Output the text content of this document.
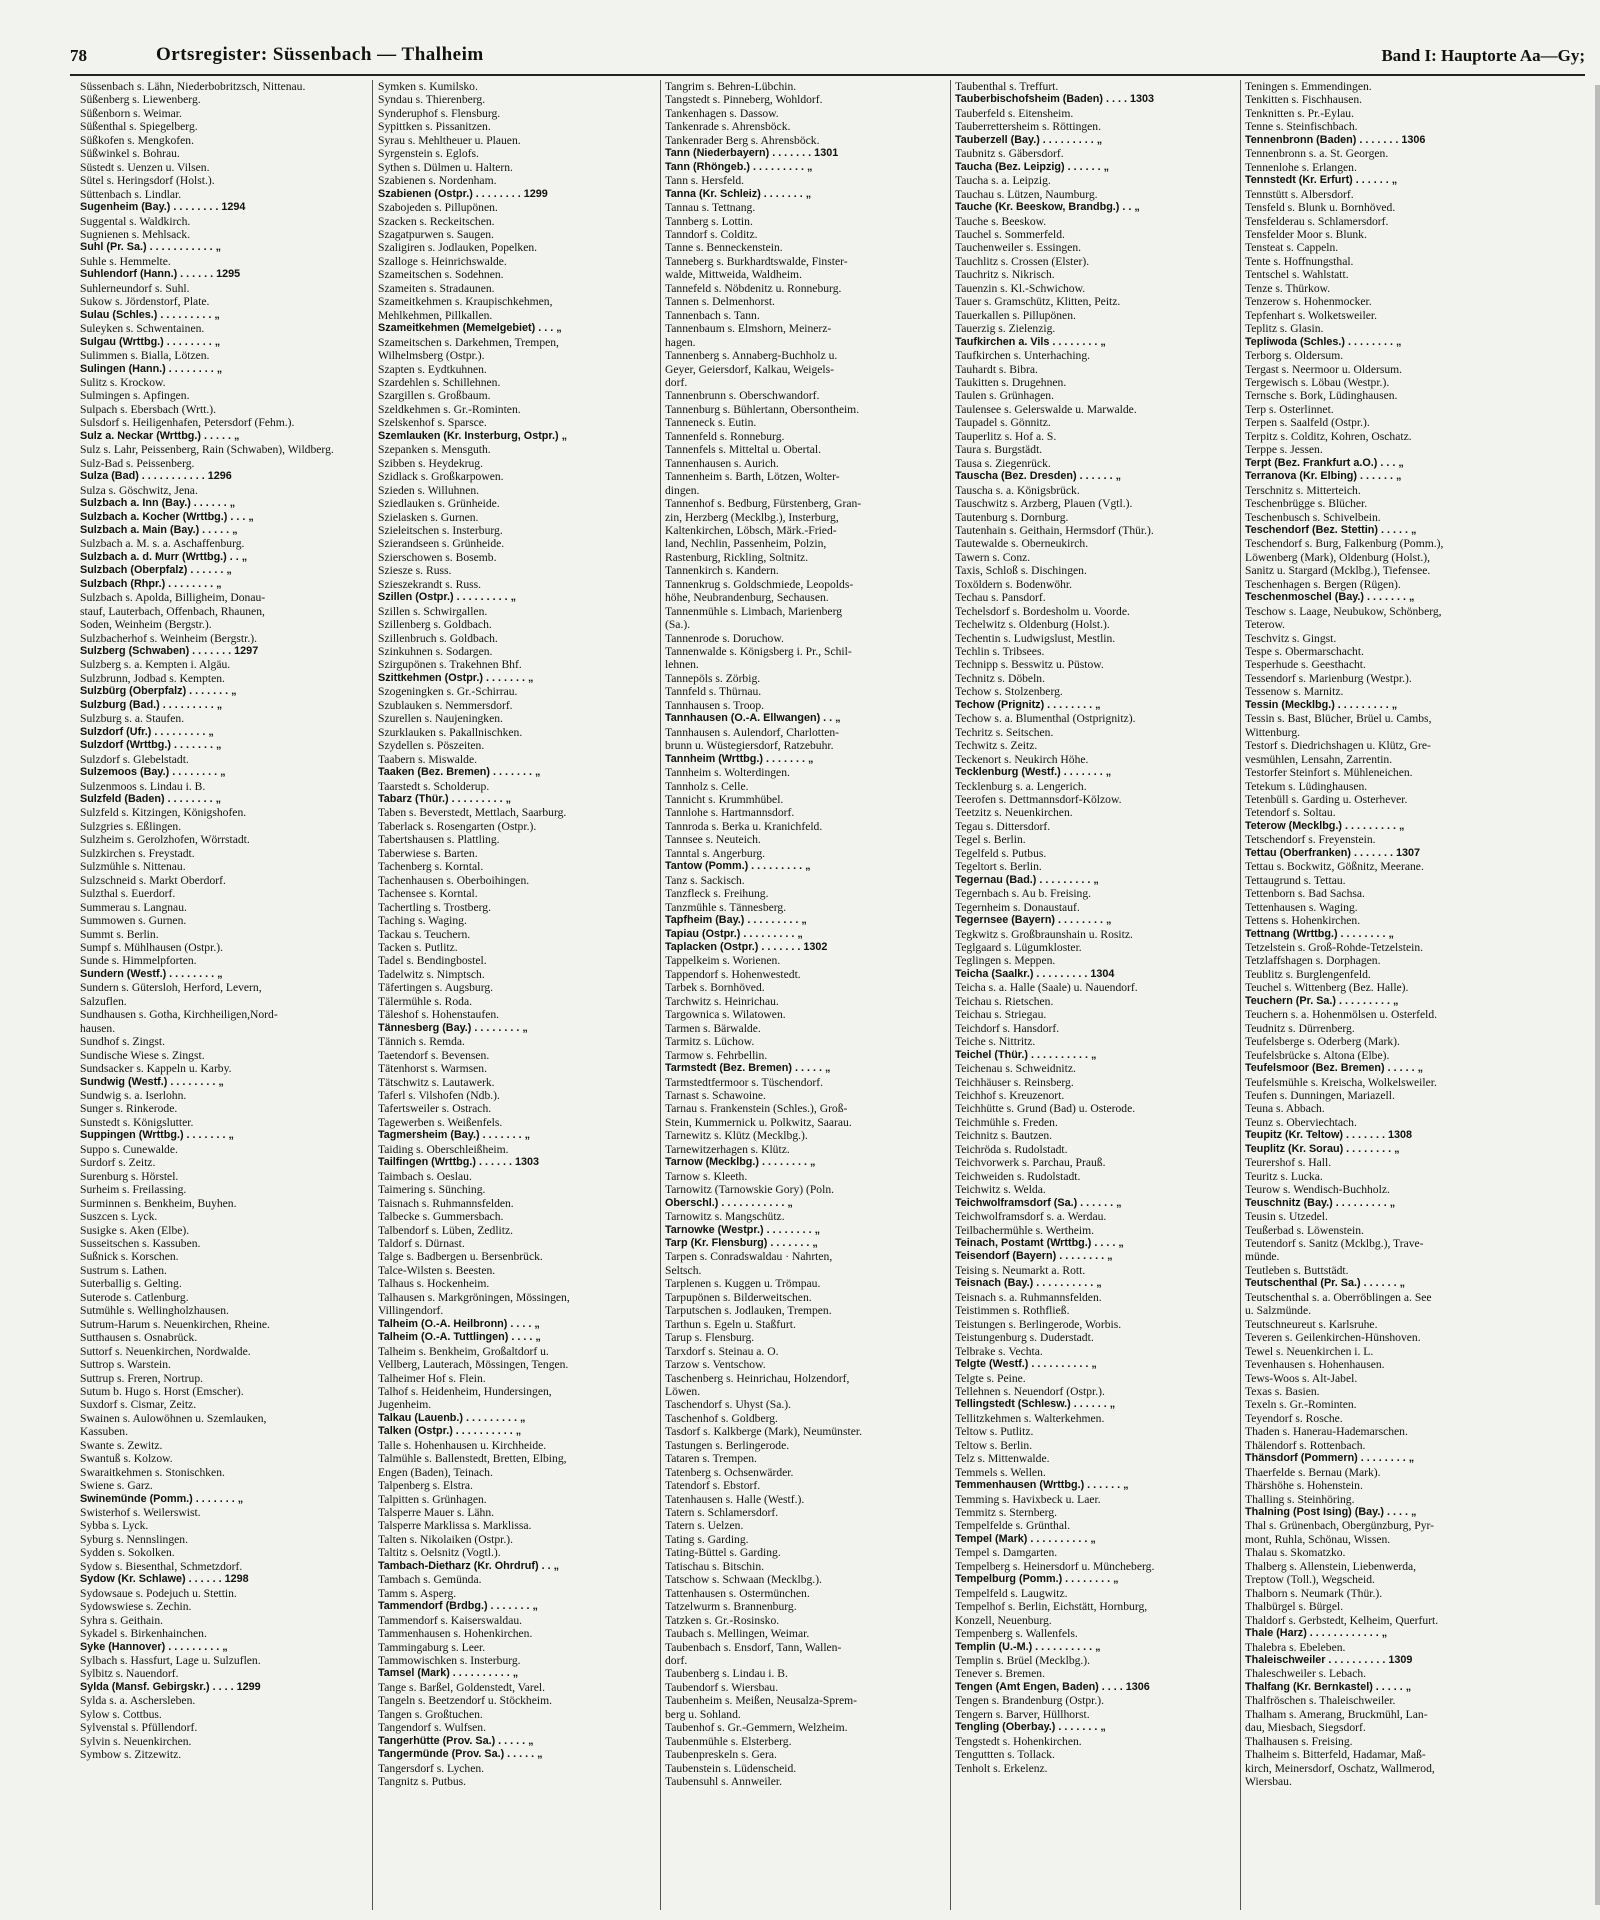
78	Ortsregister: Süssenbach — Thalheim	Band I: Hauptorte Aa—Gy;
Süssenbach s. Lähn, Niederbobritzsch, Nittenau.
Süßenberg s. Liewenberg.
Süßenborn s. Weimar.
Süßenthal s. Spiegelberg.
Süßkofen s. Mengkofen.
Süßwinkel s. Bohrau.
Süstedt s. Uenzen u. Vilsen.
Sütel s. Heringsdorf (Holst.).
Süttenbach s. Lindlar.
Sugenheim (Bay.) . . . . . . . . 1294
Suggental s. Waldkirch.
Sugnienen s. Mehlsack.
Suhl (Pr. Sa.) . . . . . . . . . . . „
Suhle s. Hemmelte.
Suhlendorf (Hann.) . . . . . . 1295
Suhlerneundorf s. Suhl.
Sukow s. Jördenstorf, Plate.
Sulau (Schles.) . . . . . . . . . „
Suleyken s. Schwentainen.
Sulgau (Wrttbg.) . . . . . . . . „
Sulimmen s. Bialla, Lötzen.
Sulingen (Hann.) . . . . . . . . „
Sulitz s. Krockow.
Sulmingen s. Apfingen.
Sulpach s. Ebersbach (Wrtt.).
Sulsdorf s. Heiligenhafen, Petersdorf (Fehm.).
Sulz a. Neckar (Wrttbg.) . . . . . „
Sulz s. Lahr, Peissenberg, Rain (Schwaben), Wildberg.
Sulz-Bad s. Peissenberg.
Sulza (Bad) . . . . . . . . . . . 1296
Sulza s. Göschwitz, Jena.
Sulzbach a. Inn (Bay.) . . . . . . „
Sulzbach a. Kocher (Wrttbg.) . . . „
Sulzbach a. Main (Bay.) . . . . . „
Sulzbach a. M. s. a. Aschaffenburg.
Sulzbach a. d. Murr (Wrttbg.) . . „
Sulzbach (Oberpfalz) . . . . . . „
Sulzbach (Rhpr.) . . . . . . . . „
Sulzbach s. Apolda, Billigheim, Donau-
stauf, Lauterbach, Offenbach, Rhaunen,
Soden, Weinheim (Bergstr.).
Sulzbacherhof s. Weinheim (Bergstr.).
Sulzberg (Schwaben) . . . . . . . 1297
Sulzberg s. a. Kempten i. Algäu.
Sulzbrunn, Jodbad s. Kempten.
Sulzbürg (Oberpfalz) . . . . . . . „
Sulzburg (Bad.) . . . . . . . . . „
Sulzburg s. a. Staufen.
Sulzdorf (Ufr.) . . . . . . . . . „
Sulzdorf (Wrttbg.) . . . . . . . „
Sulzdorf s. Glebelstadt.
Sulzemoos (Bay.) . . . . . . . . „
Sulzenmoos s. Lindau i. B.
Sulzfeld (Baden) . . . . . . . . „
Sulzfeld s. Kitzingen, Königshofen.
Sulzgries s. Eßlingen.
Sulzheim s. Gerolzhofen, Wörrstadt.
Sulzkirchen s. Freystadt.
Sulzmühle s. Nittenau.
Sulzschneid s. Markt Oberdorf.
Sulzthal s. Euerdorf.
Summerau s. Langnau.
Summowen s. Gurnen.
Summt s. Berlin.
Sumpf s. Mühlhausen (Ostpr.).
Sunde s. Himmelpforten.
Sundern (Westf.) . . . . . . . . „
Sundern s. Gütersloh, Herford, Levern,
Salzuflen.
Sundhausen s. Gotha, Kirchheiligen,Nord-
hausen.
Sundhof s. Zingst.
Sundische Wiese s. Zingst.
Sundsacker s. Kappeln u. Karby.
Sundwig (Westf.) . . . . . . . . „
Sundwig s. a. Iserlohn.
Sunger s. Rinkerode.
Sunstedt s. Königslutter.
Suppingen (Wrttbg.) . . . . . . . „
Suppo s. Cunewalde.
Surdorf s. Zeitz.
Surenburg s. Hörstel.
Surheim s. Freilassing.
Surminnen s. Benkheim, Buyhen.
Suszcen s. Lyck.
Susigke s. Aken (Elbe).
Susseitschen s. Kassuben.
Sußnick s. Korschen.
Sustrum s. Lathen.
Suterballig s. Gelting.
Suterode s. Catlenburg.
Sutmühle s. Wellingholzhausen.
Sutrum-Harum s. Neuenkirchen, Rheine.
Sutthausen s. Osnabrück.
Suttorf s. Neuenkirchen, Nordwalde.
Suttrop s. Warstein.
Suttrup s. Freren, Nortrup.
Sutum b. Hugo s. Horst (Emscher).
Suxdorf s. Cismar, Zeitz.
Swainen s. Aulowöhnen u. Szemlauken,
Kassuben.
Swante s. Zewitz.
Swantuß s. Kolzow.
Swaraitkehmen s. Stonischken.
Swiene s. Garz.
Swinemünde (Pomm.) . . . . . . . „
Swisterhof s. Weilerswist.
Sybba s. Lyck.
Syburg s. Nennslingen.
Sydden s. Sokolken.
Sydow s. Biesenthal, Schmetzdorf.
Sydow (Kr. Schlawe) . . . . . . 1298
Sydowsaue s. Podejuch u. Stettin.
Sydowswiese s. Zechin.
Syhra s. Geithain.
Sykadel s. Birkenhainchen.
Syke (Hannover) . . . . . . . . . „
Sylbach s. Hassfurt, Lage u. Sulzuflen.
Sylbitz s. Nauendorf.
Sylda (Mansf. Gebirgskr.) . . . . 1299
Sylda s. a. Aschersleben.
Sylow s. Cottbus.
Sylvenstal s. Pfüllendorf.
Sylvin s. Neuenkirchen.
Symbow s. Zitzewitz.
Symken s. Kumilsko.
Syndau s. Thierenberg.
Synderuphof s. Flensburg.
Sypittken s. Pissanitzen.
Syrau s. Mehltheuer u. Plauen.
Syrgenstein s. Eglofs.
Sythen s. Dülmen u. Haltern.
Szabienen s. Nordenham.
Szabienen (Ostpr.) . . . . . . . . 1299
Szabojeden s. Pillupönen.
Szacken s. Reckeitschen.
Szagatpurwen s. Saugen.
Szaligiren s. Jodlauken, Popelken.
Szalloge s. Heinrichswalde.
Szameitschen s. Sodehnen.
Szameiten s. Stradaunen.
Szameitkehmen s. Kraupischkehmen,
Mehlkehmen, Pillkallen.
Szameitkehmen (Memelgebiet) . . . „
Szameitschen s. Darkehmen, Trempen,
Wilhelmsberg (Ostpr.).
Szapten s. Eydtkuhnen.
Szardehlen s. Schillehnen.
Szargillen s. Großbaum.
Szeldkehmen s. Gr.-Rominten.
Szelskenhof s. Sparsce.
Szemlauken (Kr. Insterburg, Ostpr.) „
Szepanken s. Mensguth.
Szibben s. Heydekrug.
Szidlack s. Großkarpowen.
Szieden s. Willuhnen.
Sziedlauken s. Grünheide.
Szielasken s. Gurnen.
Szieleitschen s. Insterburg.
Szierandseen s. Grünheide.
Szierschowen s. Bosemb.
Sziesze s. Russ.
Szieszekrandt s. Russ.
Szillen (Ostpr.) . . . . . . . . . „
Szillen s. Schwirgallen.
Szillenberg s. Goldbach.
Szillenbruch s. Goldbach.
Szinkuhnen s. Sodargen.
Szirgupönen s. Trakehnen Bhf.
Szittkehmen (Ostpr.) . . . . . . . „
Szogeningken s. Gr.-Schirrau.
Szublauken s. Nemmersdorf.
Szurellen s. Naujeningken.
Szurklauken s. Pakallnischken.
Szydellen s. Pöszeiten.
Taabern s. Miswalde.
Taaken (Bez. Bremen) . . . . . . . „
Taarstedt s. Scholderup.
Tabarz (Thür.) . . . . . . . . . „
Taben s. Beverstedt, Mettlach, Saarburg.
Taberlack s. Rosengarten (Ostpr.).
Tabertshausen s. Plattling.
Taberwiese s. Barten.
Tachenberg s. Korntal.
Tachenhausen s. Oberboihingen.
Tachensee s. Korntal.
Tachertling s. Trostberg.
Taching s. Waging.
Tackau s. Teuchern.
Tacken s. Putlitz.
Tadel s. Bendingbostel.
Tadelwitz s. Nimptsch.
Täfertingen s. Augsburg.
Tälermühle s. Roda.
Täleshof s. Hohenstaufen.
Tännesberg (Bay.) . . . . . . . . „
Tännich s. Remda.
Taetendorf s. Bevensen.
Tätenhorst s. Warmsen.
Tätschwitz s. Lautawerk.
Taferl s. Vilshofen (Ndb.).
Tafertsweiler s. Ostrach.
Tagewerben s. Weißenfels.
Tagmersheim (Bay.) . . . . . . . „
Taiding s. Oberschleißheim.
Tailfingen (Wrttbg.) . . . . . . 1303
Taimbach s. Oeslau.
Taimering s. Sünching.
Taisnach s. Ruhmannsfelden.
Talbecke s. Gummersbach.
Talbendorf s. Lüben, Zedlitz.
Taldorf s. Dürnast.
Talge s. Badbergen u. Bersenbrück.
Talce-Wilsten s. Beesten.
Talhaus s. Hockenheim.
Talhausen s. Markgröningen, Mössingen,
Villingendorf.
Talheim (O.-A. Heilbronn) . . . . „
Talheim (O.-A. Tuttlingen) . . . . „
Talheim s. Benkheim, Großaltdorf u.
Vellberg, Lauterach, Mössingen, Tengen.
Talheimer Hof s. Flein.
Talhof s. Heidenheim, Hundersingen,
Jugenheim.
Talkau (Lauenb.) . . . . . . . . . „
Talken (Ostpr.) . . . . . . . . . . „
Talle s. Hohenhausen u. Kirchheide.
Talmühle s. Ballenstedt, Bretten, Elbing,
Engen (Baden), Teinach.
Talpenberg s. Elstra.
Talpitten s. Grünhagen.
Talsperre Mauer s. Lähn.
Talsperre Marklissa s. Marklissa.
Talten s. Nikolaiken (Ostpr.).
Taltitz s. Oelsnitz (Vogtl.).
Tambach-Dietharz (Kr. Ohrdruf) . . „
Tambach s. Gemünda.
Tamm s. Asperg.
Tammendorf (Brdbg.) . . . . . . . „
Tammendorf s. Kaiserswaldau.
Tammenhausen s. Hohenkirchen.
Tammingaburg s. Leer.
Tammowischken s. Insterburg.
Tamsel (Mark) . . . . . . . . . . „
Tange s. Barßel, Goldenstedt, Varel.
Tangeln s. Beetzendorf u. Stöckheim.
Tangen s. Großtuchen.
Tangendorf s. Wulfsen.
Tangerhütte (Prov. Sa.) . . . . . „
Tangermünde (Prov. Sa.) . . . . . „
Tangersdorf s. Lychen.
Tangnitz s. Putbus.
Tangrim s. Behren-Lübchin.
Tangstedt s. Pinneberg, Wohldorf.
Tankenhagen s. Dassow.
Tankenrade s. Ahrensböck.
Tankenrader Berg s. Ahrensböck.
Tann (Niederbayern) . . . . . . . 1301
Tann (Rhöngeb.) . . . . . . . . . „
Tann s. Hersfeld.
Tanna (Kr. Schleiz) . . . . . . . „
Tannau s. Tettnang.
Tannberg s. Lottin.
Tanndorf s. Colditz.
Tanne s. Benneckenstein.
Tanneberg s. Burkhardtswalde, Finster-
walde, Mittweida, Waldheim.
Tannefeld s. Nöbdenitz u. Ronneburg.
Tannen s. Delmenhorst.
Tannenbach s. Tann.
Tannenbaum s. Elmshorn, Meinerz-
hagen.
Tannenberg s. Annaberg-Buchholz u.
Geyer, Geiersdorf, Kalkau, Weigels-
dorf.
Tannenbrunn s. Oberschwandorf.
Tannenburg s. Bühlertann, Obersontheim.
Tanneneck s. Eutin.
Tannenfeld s. Ronneburg.
Tannenfels s. Mitteltal u. Obertal.
Tannenhausen s. Aurich.
Tannenheim s. Barth, Lötzen, Wolter-
dingen.
Tannenhof s. Bedburg, Fürstenberg, Gran-
zin, Herzberg (Mecklbg.), Insterburg,
Kaltenkirchen, Löbsch, Märk.-Fried-
land, Nechlin, Passenheim, Polzin,
Rastenburg, Rickling, Soltnitz.
Tannenkirch s. Kandern.
Tannenkrug s. Goldschmiede, Leopolds-
höhe, Neubrandenburg, Sechausen.
Tannenmühle s. Limbach, Marienberg
(Sa.).
Tannenrode s. Doruchow.
Tannenwalde s. Königsberg i. Pr., Schil-
lehnen.
Tannepöls s. Zörbig.
Tannfeld s. Thürnau.
Tannhausen s. Troop.
Tannhausen (O.-A. Ellwangen) . . „
Tannhausen s. Aulendorf, Charlotten-
brunn u. Wüstegiersdorf, Ratzebuhr.
Tannheim (Wrttbg.) . . . . . . . „
Tannheim s. Wolterdingen.
Tannholz s. Celle.
Tannicht s. Krummhübel.
Tannlohe s. Hartmannsdorf.
Tannroda s. Berka u. Kranichfeld.
Tannsee s. Neuteich.
Tanntal s. Angerburg.
Tantow (Pomm.) . . . . . . . . . „
Tanz s. Sackisch.
Tanzfleck s. Freihung.
Tanzmühle s. Tännesberg.
Tapfheim (Bay.) . . . . . . . . . „
Tapiau (Ostpr.) . . . . . . . . . „
Taplacken (Ostpr.) . . . . . . . 1302
Tappelkeim s. Worienen.
Tappendorf s. Hohenwestedt.
Tarbek s. Bornhöved.
Tarchwitz s. Heinrichau.
Targownica s. Wilatowen.
Tarmen s. Bärwalde.
Tarmitz s. Lüchow.
Tarmow s. Fehrbellin.
Tarmstedt (Bez. Bremen) . . . . . „
Tarmstedtfermoor s. Tüschendorf.
Tarnast s. Schawoine.
Tarnau s. Frankenstein (Schles.), Groß-
Stein, Kummernick u. Polkwitz, Saarau.
Tarnewitz s. Klütz (Mecklbg.).
Tarnewitzerhagen s. Klütz.
Tarnow (Mecklbg.) . . . . . . . . „
Tarnow s. Kleeth.
Tarnowitz (Tarnowskie Gory) (Poln.
Oberschl.) . . . . . . . . . . . „
Tarnowitz s. Mangschütz.
Tarnowke (Westpr.) . . . . . . . . „
Tarp (Kr. Flensburg) . . . . . . . „
Tarpen s. Conradswaldau · Nahrten,
Seltsch.
Tarplenen s. Kuggen u. Trömpau.
Tarpupönen s. Bilderweitschen.
Tarputschen s. Jodlauken, Trempen.
Tarthun s. Egeln u. Staßfurt.
Tarup s. Flensburg.
Tarxdorf s. Steinau a. O.
Tarzow s. Ventschow.
Taschenberg s. Heinrichau, Holzendorf,
Löwen.
Taschendorf s. Uhyst (Sa.).
Taschenhof s. Goldberg.
Tasdorf s. Kalkberge (Mark), Neumünster.
Tastungen s. Berlingerode.
Tataren s. Trempen.
Tatenberg s. Ochsenwärder.
Tatendorf s. Ebstorf.
Tatenhausen s. Halle (Westf.).
Tatern s. Schlamersdorf.
Tatern s. Uelzen.
Tating s. Garding.
Tating-Büttel s. Garding.
Tatischau s. Bitschin.
Tatschow s. Schwaan (Mecklbg.).
Tattenhausen s. Ostermünchen.
Tatzelwurm s. Brannenburg.
Tatzken s. Gr.-Rosinsko.
Taubach s. Mellingen, Weimar.
Taubenbach s. Ensdorf, Tann, Wallen-
dorf.
Taubenberg s. Lindau i. B.
Taubendorf s. Wiersbau.
Taubenheim s. Meißen, Neusalza-Sprem-
berg u. Sohland.
Taubenhof s. Gr.-Gemmern, Welzheim.
Taubenmühle s. Elsterberg.
Taubenpreskeln s. Gera.
Taubenstein s. Lüdenscheid.
Taubensuhl s. Annweiler.
Taubenthal s. Treffurt.
Tauberbischofsheim (Baden) . . . . 1303
Tauberfeld s. Eitensheim.
Tauberrettersheim s. Röttingen.
Tauberzell (Bay.) . . . . . . . . . „
Taubnitz s. Gäbersdorf.
Taucha (Bez. Leipzig) . . . . . . „
Taucha s. a. Leipzig.
Tauchau s. Lützen, Naumburg.
Tauche (Kr. Beeskow, Brandbg.) . . „
Tauche s. Beeskow.
Tauchel s. Sommerfeld.
Tauchenweiler s. Essingen.
Tauchlitz s. Crossen (Elster).
Tauchritz s. Nikrisch.
Tauenzin s. Kl.-Schwichow.
Tauer s. Gramschütz, Klitten, Peitz.
Tauerkallen s. Pillupönen.
Tauerzig s. Zielenzig.
Taufkirchen a. Vils . . . . . . . . „
Taufkirchen s. Unterhaching.
Tauhardt s. Bibra.
Taukitten s. Drugehnen.
Taulen s. Grünhagen.
Taulensee s. Gelerswalde u. Marwalde.
Taupadel s. Gönnitz.
Tauperlitz s. Hof a. S.
Taura s. Burgstädt.
Tausa s. Ziegenrück.
Tauscha (Bez. Dresden) . . . . . . „
Tauscha s. a. Königsbrück.
Tauschwitz s. Arzberg, Plauen (Vgtl.).
Tautenburg s. Dornburg.
Tautenhain s. Geithain, Hermsdorf (Thür.).
Tautewalde s. Oberneukirch.
Tawern s. Conz.
Taxis, Schloß s. Dischingen.
Toxöldern s. Bodenwöhr.
Techau s. Pansdorf.
Techelsdorf s. Bordesholm u. Voorde.
Techelwitz s. Oldenburg (Holst.).
Techentin s. Ludwigslust, Mestlin.
Techlin s. Tribsees.
Technipp s. Besswitz u. Püstow.
Technitz s. Döbeln.
Techow s. Stolzenberg.
Techow (Prignitz) . . . . . . . . „
Techow s. a. Blumenthal (Ostprignitz).
Techritz s. Seitschen.
Techwitz s. Zeitz.
Teckenort s. Neukirch Höhe.
Tecklenburg (Westf.) . . . . . . . „
Tecklenburg s. a. Lengerich.
Teerofen s. Dettmannsdorf-Kölzow.
Teetzitz s. Neuenkirchen.
Tegau s. Dittersdorf.
Tegel s. Berlin.
Tegelfeld s. Putbus.
Tegeltort s. Berlin.
Tegernau (Bad.) . . . . . . . . . „
Tegernbach s. Au b. Freising.
Tegernheim s. Donaustauf.
Tegernsee (Bayern) . . . . . . . . „
Tegkwitz s. Großbraunshain u. Rositz.
Teglgaard s. Lügumkloster.
Teglingen s. Meppen.
Teicha (Saalkr.) . . . . . . . . . 1304
Teicha s. a. Halle (Saale) u. Nauendorf.
Teichau s. Rietschen.
Teichau s. Striegau.
Teichdorf s. Hansdorf.
Teiche s. Nittritz.
Teichel (Thür.) . . . . . . . . . . „
Teichenau s. Schweidnitz.
Teichhäuser s. Reinsberg.
Teichhof s. Kreuzenort.
Teichhütte s. Grund (Bad) u. Osterode.
Teichmühle s. Freden.
Teichnitz s. Bautzen.
Teichröda s. Rudolstadt.
Teichvorwerk s. Parchau, Prauß.
Teichweiden s. Rudolstadt.
Teichwitz s. Welda.
Teichwolframsdorf (Sa.) . . . . . . „
Teichwolframsdorf s. a. Werdau.
Teilbachermühle s. Wertheim.
Teinach, Postamt (Wrttbg.) . . . . „
Teisendorf (Bayern) . . . . . . . . „
Teising s. Neumarkt a. Rott.
Teisnach (Bay.) . . . . . . . . . . „
Teisnach s. a. Ruhmannsfelden.
Teistimmen s. Rothfließ.
Teistungen s. Berlingerode, Worbis.
Teistungenburg s. Duderstadt.
Telbrake s. Vechta.
Telgte (Westf.) . . . . . . . . . . „
Telgte s. Peine.
Tellehnen s. Neuendorf (Ostpr.).
Tellingstedt (Schlesw.) . . . . . . „
Tellitzkehmen s. Walterkehmen.
Teltow s. Putlitz.
Teltow s. Berlin.
Telz s. Mittenwalde.
Temmels s. Wellen.
Temmenhausen (Wrttbg.) . . . . . . „
Temming s. Havixbeck u. Laer.
Temmitz s. Sternberg.
Tempelfelde s. Grünthal.
Tempel (Mark) . . . . . . . . . . „
Tempel s. Damgarten.
Tempelberg s. Heinersdorf u. Müncheberg.
Tempelburg (Pomm.) . . . . . . . . „
Tempelfeld s. Laugwitz.
Tempelhof s. Berlin, Eichstätt, Hornburg,
Konzell, Neuenburg.
Tempenberg s. Wallenfels.
Templin (U.-M.) . . . . . . . . . . „
Templin s. Brüel (Mecklbg.).
Tenever s. Bremen.
Tengen (Amt Engen, Baden) . . . . 1306
Tengen s. Brandenburg (Ostpr.).
Tengern s. Barver, Hüllhorst.
Tengling (Oberbay.) . . . . . . . „
Tengstedt s. Hohenkirchen.
Tenguttten s. Tollack.
Tenholt s. Erkelenz.
Teningen s. Emmendingen.
Tenkitten s. Fischhausen.
Tenknitten s. Pr.-Eylau.
Tenne s. Steinfischbach.
Tennenbronn (Baden) . . . . . . . 1306
Tennenbronn s. a. St. Georgen.
Tennenlohe s. Erlangen.
Tennstedt (Kr. Erfurt) . . . . . . „
Tennstütt s. Albersdorf.
Tensfeld s. Blunk u. Bornhöved.
Tensfelderau s. Schlamersdorf.
Tensfelder Moor s. Blunk.
Tensteat s. Cappeln.
Tente s. Hoffnungsthal.
Tentschel s. Wahlstatt.
Tenze s. Thürkow.
Tenzerow s. Hohenmocker.
Tepfenhart s. Wolketsweiler.
Teplitz s. Glasin.
Tepliwoda (Schles.) . . . . . . . . „
Terborg s. Oldersum.
Tergast s. Neermoor u. Oldersum.
Tergewisch s. Löbau (Westpr.).
Ternsche s. Bork, Lüdinghausen.
Terp s. Osterlinnet.
Terpen s. Saalfeld (Ostpr.).
Terpitz s. Colditz, Kohren, Oschatz.
Terppe s. Jessen.
Terpt (Bez. Frankfurt a.O.) . . . „
Terranova (Kr. Elbing) . . . . . . „
Terschnitz s. Mitterteich.
Teschenbrügge s. Blücher.
Teschenbusch s. Schivelbein.
Teschendorf (Bez. Stettin) . . . . . „
Teschendorf s. Burg, Falkenburg (Pomm.),
Löwenberg (Mark), Oldenburg (Holst.),
Sanitz u. Stargard (Mcklbg.), Tiefensee.
Teschenhagen s. Bergen (Rügen).
Teschenmoschel (Bay.) . . . . . . . „
Teschow s. Laage, Neubukow, Schönberg,
Teterow.
Teschvitz s. Gingst.
Tespe s. Obermarschacht.
Tesperhude s. Geesthacht.
Tessendorf s. Marienburg (Westpr.).
Tessenow s. Marnitz.
Tessin (Mecklbg.) . . . . . . . . . „
Tessin s. Bast, Blücher, Brüel u. Cambs,
Wittenburg.
Testorf s. Diedrichshagen u. Klütz, Gre-
vesmühlen, Lensahn, Zarrentin.
Testorfer Steinfort s. Mühleneichen.
Tetekum s. Lüdinghausen.
Tetenbüll s. Garding u. Osterhever.
Tetendorf s. Soltau.
Teterow (Mecklbg.) . . . . . . . . . „
Tetschendorf s. Freyenstein.
Tettau (Oberfranken) . . . . . . . 1307
Tettau s. Bockwitz, Gößnitz, Meerane.
Tettaugrund s. Tettau.
Tettenborn s. Bad Sachsa.
Tettenhausen s. Waging.
Tettens s. Hohenkirchen.
Tettnang (Wrttbg.) . . . . . . . . „
Tetzelstein s. Groß-Rohde-Tetzelstein.
Tetzlaffshagen s. Dorphagen.
Teublitz s. Burglengenfeld.
Teuchel s. Wittenberg (Bez. Halle).
Teuchern (Pr. Sa.) . . . . . . . . . „
Teuchern s. a. Hohenmölsen u. Osterfeld.
Teudnitz s. Dürrenberg.
Teufelsberge s. Oderberg (Mark).
Teufelsbrücke s. Altona (Elbe).
Teufelsmoor (Bez. Bremen) . . . . . „
Teufelsmühle s. Kreischa, Wolkelsweiler.
Teufen s. Dunningen, Mariazell.
Teuna s. Abbach.
Teunz s. Oberviechtach.
Teupitz (Kr. Teltow) . . . . . . . 1308
Teuplitz (Kr. Sorau) . . . . . . . . „
Teurershof s. Hall.
Teuritz s. Lucka.
Teurow s. Wendisch-Buchholz.
Teuschnitz (Bay.) . . . . . . . . . „
Teusin s. Utzedel.
Teußerbad s. Löwenstein.
Teutendorf s. Sanitz (Mcklbg.), Trave-
münde.
Teutleben s. Buttstädt.
Teutschenthal (Pr. Sa.) . . . . . . „
Teutschenthal s. a. Oberröblingen a. See
u. Salzmünde.
Teutschneureut s. Karlsruhe.
Teveren s. Geilenkirchen-Hünshoven.
Tewel s. Neuenkirchen i. L.
Tevenhausen s. Hohenhausen.
Tews-Woos s. Alt-Jabel.
Texas s. Basien.
Texeln s. Gr.-Rominten.
Teyendorf s. Rosche.
Thaden s. Hanerau-Hademarschen.
Thälendorf s. Rottenbach.
Thänsdorf (Pommern) . . . . . . . . „
Thaerfelde s. Bernau (Mark).
Thärshöhe s. Hohenstein.
Thalling s. Steinhöring.
Thalning (Post Ising) (Bay.) . . . . „
Thal s. Grünenbach, Obergünzburg, Pyr-
mont, Ruhla, Schönau, Wissen.
Thalau s. Skomatzko.
Thalberg s. Allenstein, Liebenwerda,
Treptow (Toll.), Wegscheid.
Thalborn s. Neumark (Thür.).
Thalbürgel s. Bürgel.
Thaldorf s. Gerbstedt, Kelheim, Querfurt.
Thale (Harz) . . . . . . . . . . . . „
Thalebra s. Ebeleben.
Thaleischweiler . . . . . . . . . . 1309
Thaleschweiler s. Lebach.
Thalfang (Kr. Bernkastel) . . . . . „
Thalfröschen s. Thaleischweiler.
Thalham s. Amerang, Bruckmühl, Lan-
dau, Miesbach, Siegsdorf.
Thalhausen s. Freising.
Thalheim s. Bitterfeld, Hadamar, Maß-
kirch, Meinersdorf, Oschatz, Wallmerod,
Wiersbau.
